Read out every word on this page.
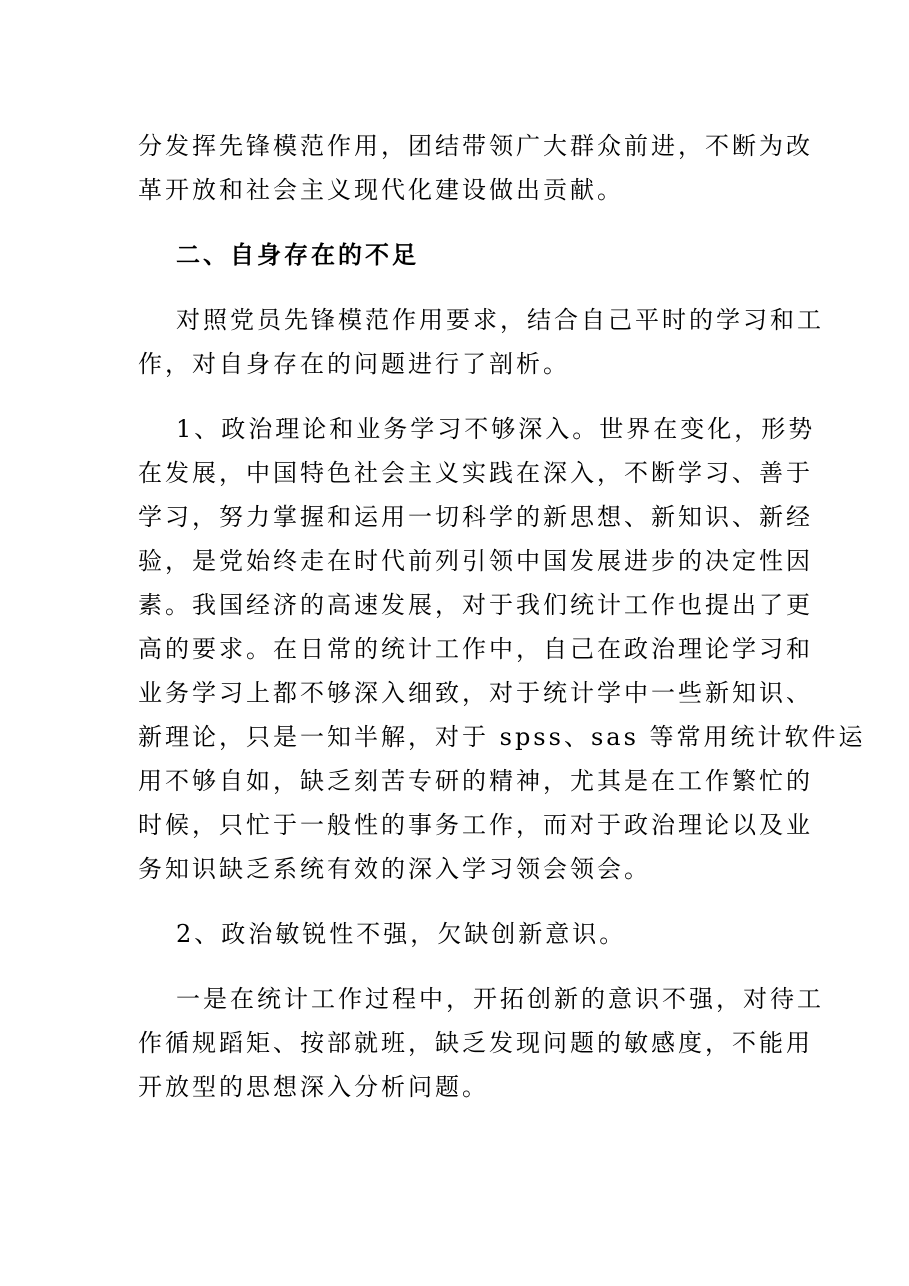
分发挥先锋模范作用，团结带领广大群众前进，不断为改
革开放和社会主义现代化建设做出贡献。

二、自身存在的不足

对照党员先锋模范作用要求，结合自己平时的学习和工
作，对自身存在的问题进行了剖析。

1、政治理论和业务学习不够深入。世界在变化，形势
在发展，中国特色社会主义实践在深入，不断学习、善于
学习，努力掌握和运用一切科学的新思想、新知识、新经
验，是党始终走在时代前列引领中国发展进步的决定性因
素。我国经济的高速发展，对于我们统计工作也提出了更
高的要求。在日常的统计工作中，自己在政治理论学习和
业务学习上都不够深入细致，对于统计学中一些新知识、
新理论，只是一知半解，对于 spss、sas 等常用统计软件运
用不够自如，缺乏刻苦专研的精神，尤其是在工作繁忙的
时候，只忙于一般性的事务工作，而对于政治理论以及业
务知识缺乏系统有效的深入学习领会领会。

2、政治敏锐性不强，欠缺创新意识。

一是在统计工作过程中，开拓创新的意识不强，对待工
作循规蹈矩、按部就班，缺乏发现问题的敏感度，不能用
开放型的思想深入分析问题。
